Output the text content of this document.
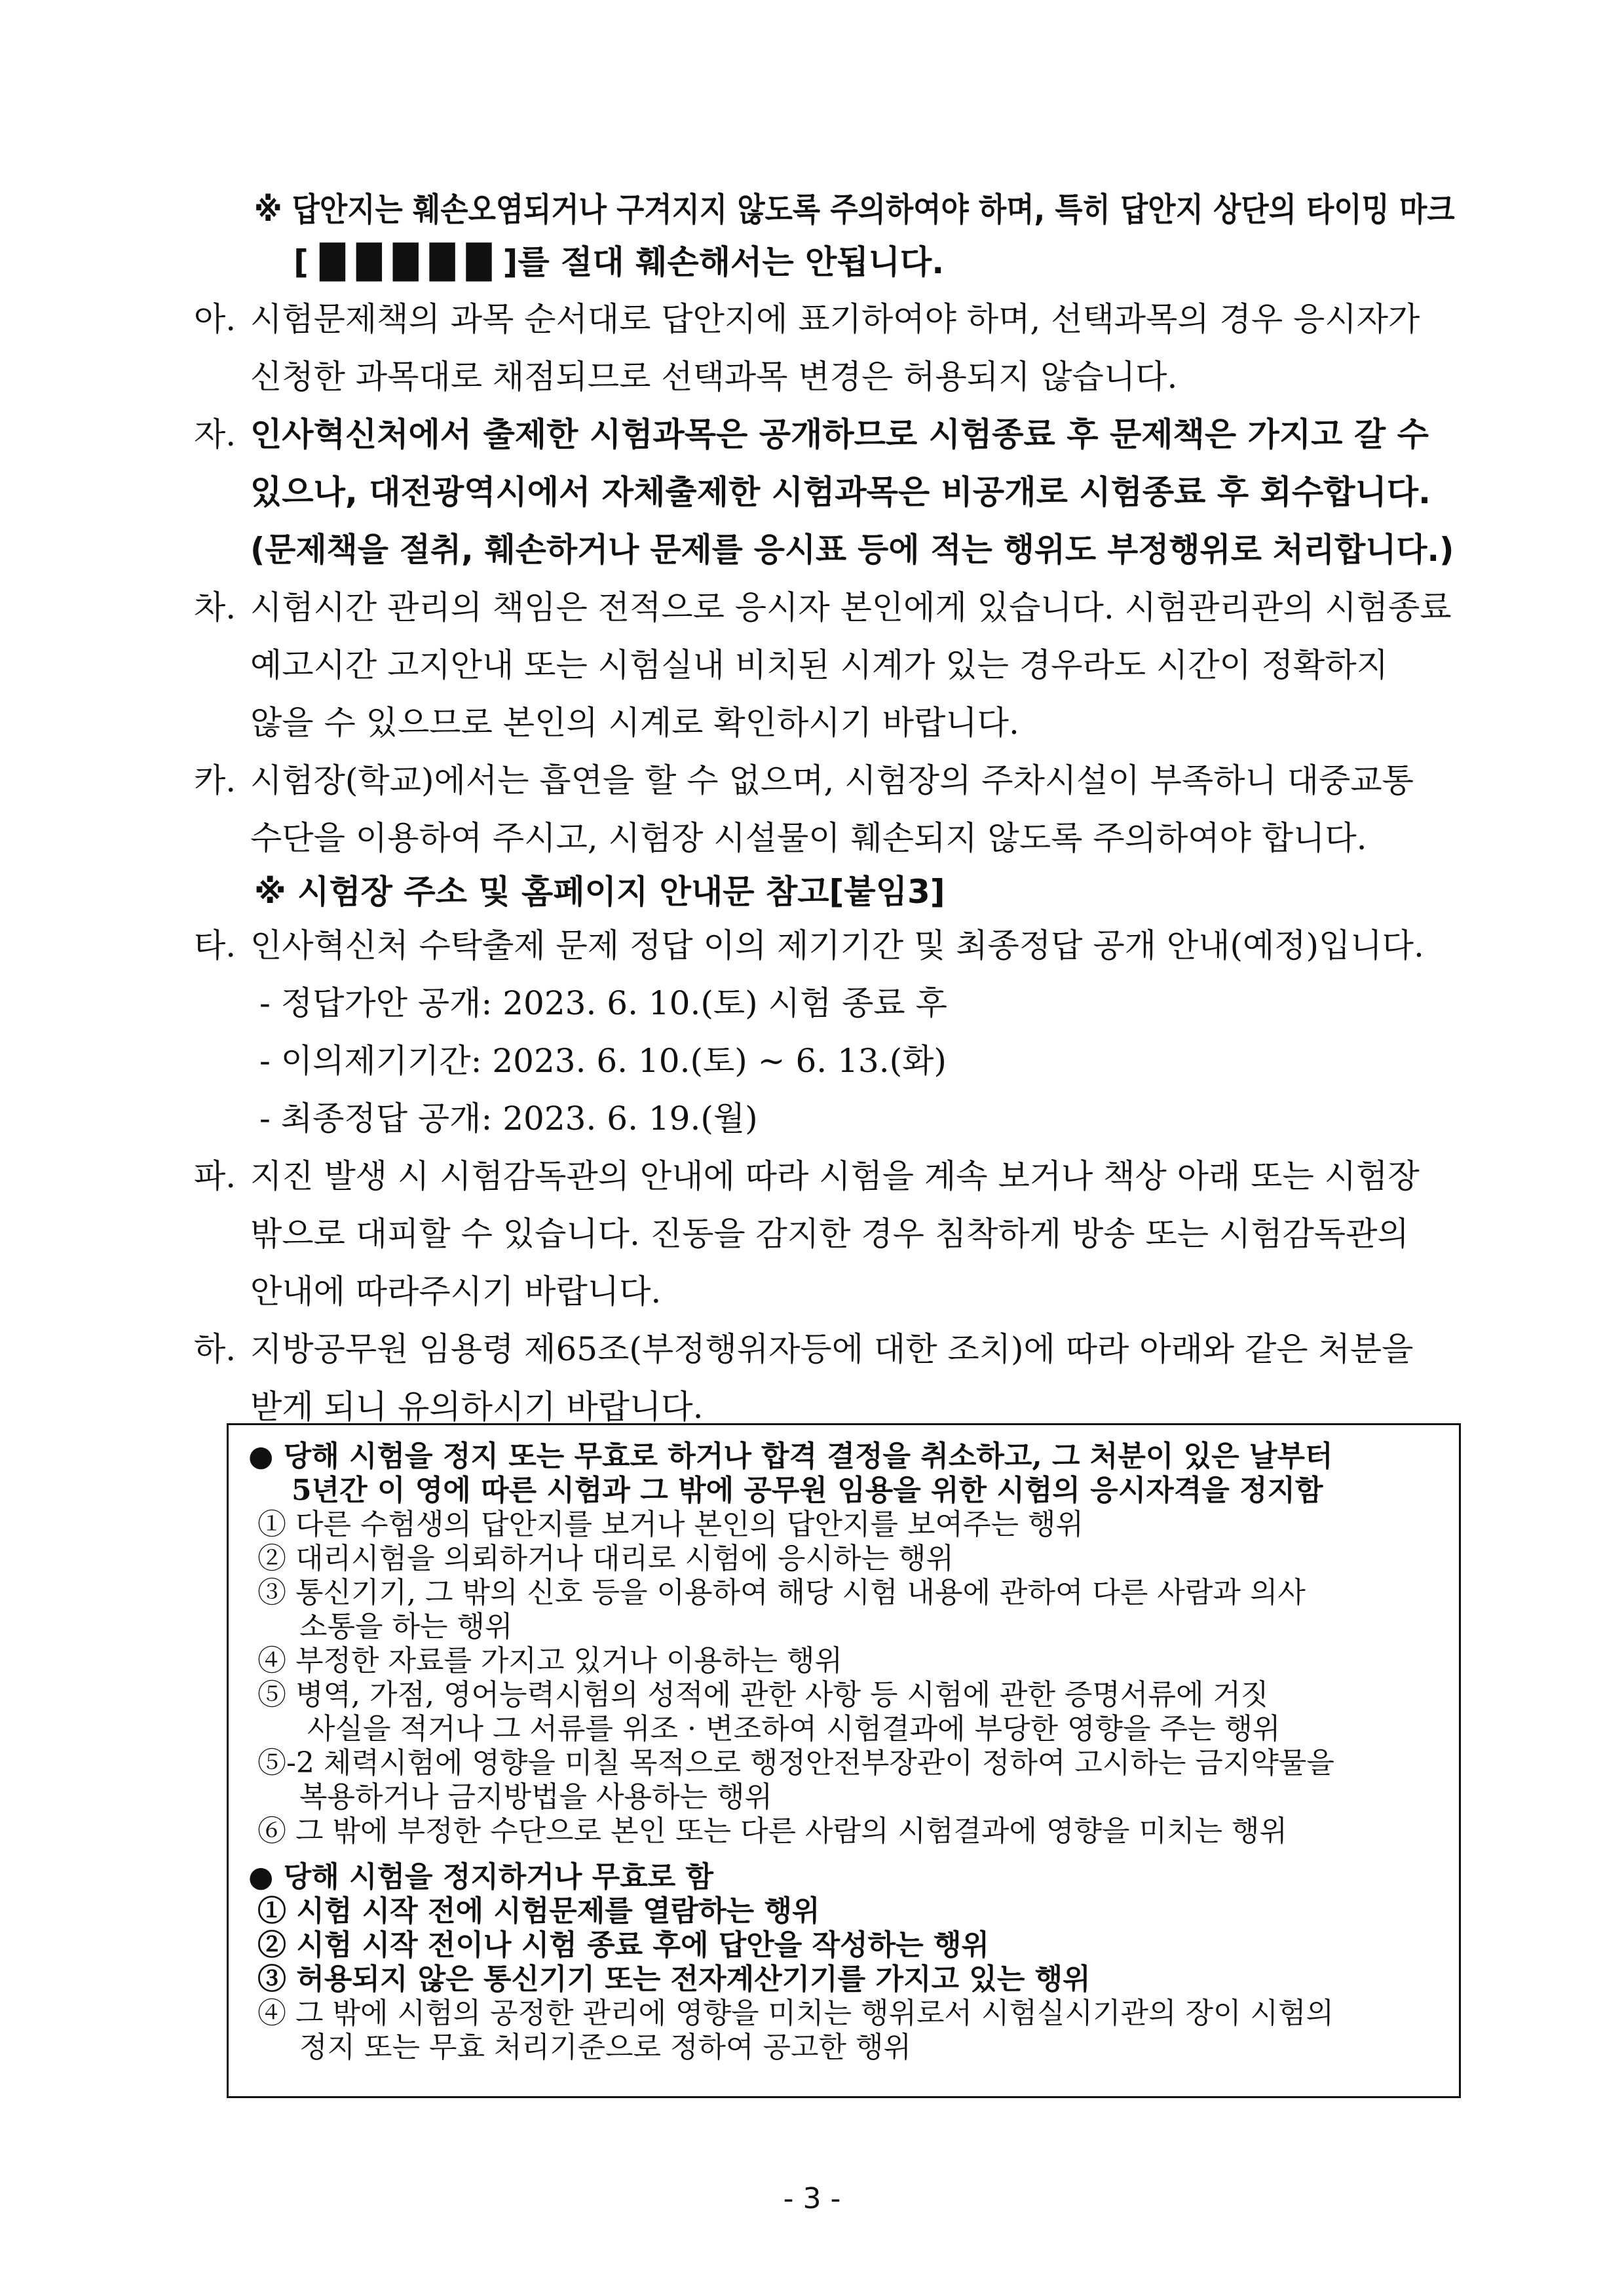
※ 답안지는 훼손오염되거나 구겨지지 않도록 주의하여야 하며, 특히 답안지 상단의 타이밍 마크
[ █ █ █ █ █ ]를 절대 훼손해서는 안됩니다.
아. 시험문제책의 과목 순서대로 답안지에 표기하여야 하며, 선택과목의 경우 응시자가
신청한 과목대로 채점되므로 선택과목 변경은 허용되지 않습니다.
자. 인사혁신처에서 출제한 시험과목은 공개하므로 시험종료 후 문제책은 가지고 갈 수
있으나, 대전광역시에서 자체출제한 시험과목은 비공개로 시험종료 후 회수합니다.
(문제책을 절취, 훼손하거나 문제를 응시표 등에 적는 행위도 부정행위로 처리합니다.)
차. 시험시간 관리의 책임은 전적으로 응시자 본인에게 있습니다. 시험관리관의 시험종료
예고시간 고지안내 또는 시험실내 비치된 시계가 있는 경우라도 시간이 정확하지
않을 수 있으므로 본인의 시계로 확인하시기 바랍니다.
카. 시험장(학교)에서는 흡연을 할 수 없으며, 시험장의 주차시설이 부족하니 대중교통
수단을 이용하여 주시고, 시험장 시설물이 훼손되지 않도록 주의하여야 합니다.
※ 시험장 주소 및 홈페이지 안내문 참고[붙임3]
타. 인사혁신처 수탁출제 문제 정답 이의 제기기간 및 최종정답 공개 안내(예정)입니다.
- 정답가안 공개: 2023. 6. 10.(토) 시험 종료 후
- 이의제기기간: 2023. 6. 10.(토) ~ 6. 13.(화)
- 최종정답 공개: 2023. 6. 19.(월)
파. 지진 발생 시 시험감독관의 안내에 따라 시험을 계속 보거나 책상 아래 또는 시험장
밖으로 대피할 수 있습니다. 진동을 감지한 경우 침착하게 방송 또는 시험감독관의
안내에 따라주시기 바랍니다.
하. 지방공무원 임용령 제65조(부정행위자등에 대한 조치)에 따라 아래와 같은 처분을
받게 되니 유의하시기 바랍니다.
● 당해 시험을 정지 또는 무효로 하거나 합격 결정을 취소하고, 그 처분이 있은 날부터
5년간 이 영에 따른 시험과 그 밖에 공무원 임용을 위한 시험의 응시자격을 정지함
① 다른 수험생의 답안지를 보거나 본인의 답안지를 보여주는 행위
② 대리시험을 의뢰하거나 대리로 시험에 응시하는 행위
③ 통신기기, 그 밖의 신호 등을 이용하여 해당 시험 내용에 관하여 다른 사람과 의사
소통을 하는 행위
④ 부정한 자료를 가지고 있거나 이용하는 행위
⑤ 병역, 가점, 영어능력시험의 성적에 관한 사항 등 시험에 관한 증명서류에 거짓
사실을 적거나 그 서류를 위조 · 변조하여 시험결과에 부당한 영향을 주는 행위
⑤-2 체력시험에 영향을 미칠 목적으로 행정안전부장관이 정하여 고시하는 금지약물을
복용하거나 금지방법을 사용하는 행위
⑥ 그 밖에 부정한 수단으로 본인 또는 다른 사람의 시험결과에 영향을 미치는 행위
● 당해 시험을 정지하거나 무효로 함
① 시험 시작 전에 시험문제를 열람하는 행위
② 시험 시작 전이나 시험 종료 후에 답안을 작성하는 행위
③ 허용되지 않은 통신기기 또는 전자계산기기를 가지고 있는 행위
④ 그 밖에 시험의 공정한 관리에 영향을 미치는 행위로서 시험실시기관의 장이 시험의
정지 또는 무효 처리기준으로 정하여 공고한 행위
- 3 -
